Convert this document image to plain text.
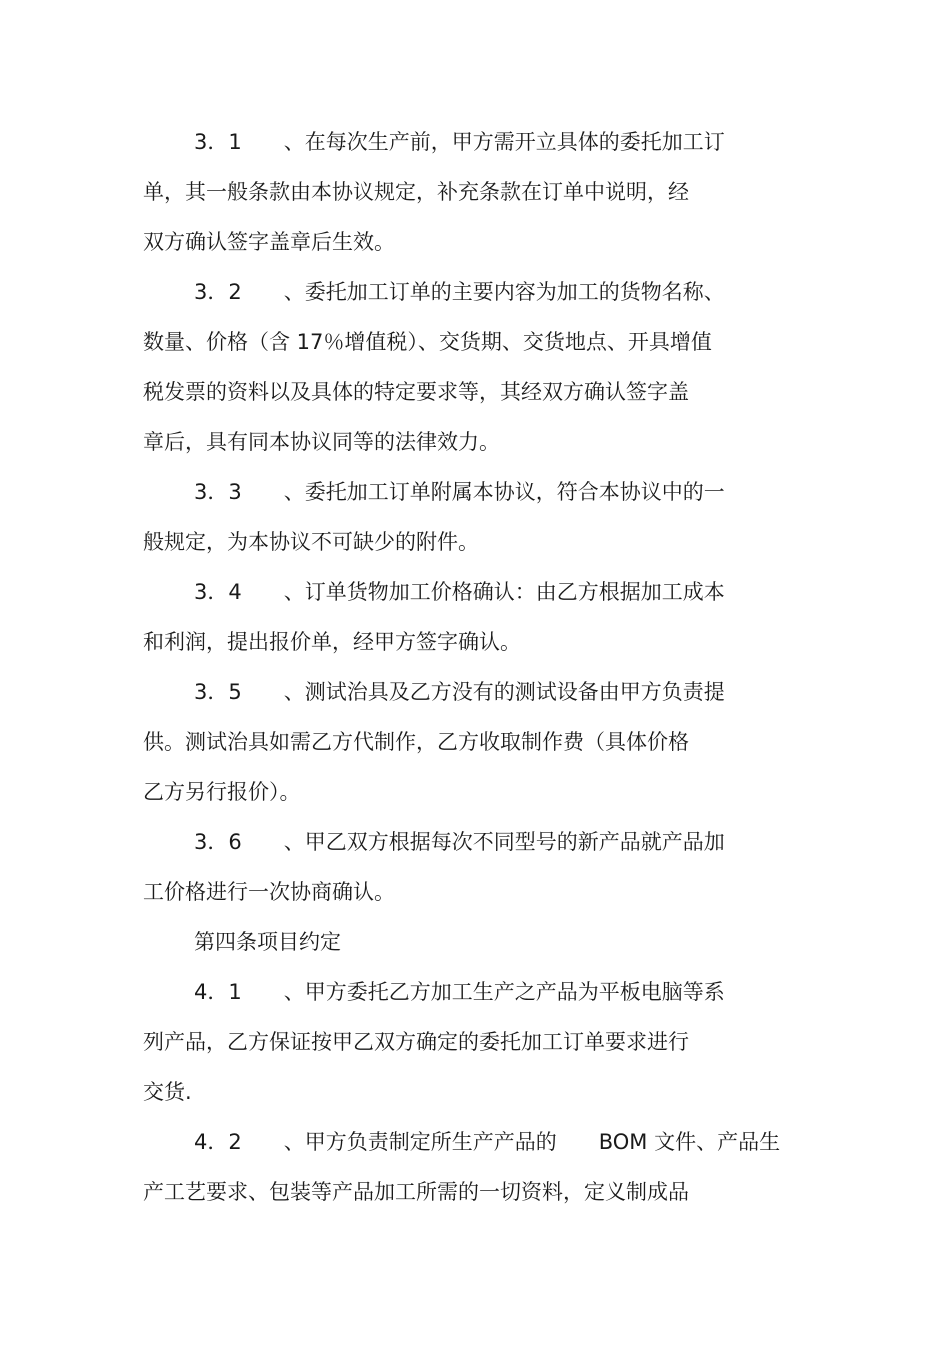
3．1　　、在每次生产前，甲方需开立具体的委托加工订
单，其一般条款由本协议规定，补充条款在订单中说明，经
双方确认签字盖章后生效。
3．2　　、委托加工订单的主要内容为加工的货物名称、
数量、价格（含 17％增值税）、交货期、交货地点、开具增值
税发票的资料以及具体的特定要求等，其经双方确认签字盖
章后，具有同本协议同等的法律效力。
3．3　　、委托加工订单附属本协议，符合本协议中的一
般规定，为本协议不可缺少的附件。
3．4　　、订单货物加工价格确认：由乙方根据加工成本
和利润，提出报价单，经甲方签字确认。
3．5　　、测试治具及乙方没有的测试设备由甲方负责提
供。测试治具如需乙方代制作，乙方收取制作费（具体价格
乙方另行报价）。
3．6　　、甲乙双方根据每次不同型号的新产品就产品加
工价格进行一次协商确认。
第四条项目约定
4．1　　、甲方委托乙方加工生产之产品为平板电脑等系
列产品，乙方保证按甲乙双方确定的委托加工订单要求进行
交货.
4．2　　、甲方负责制定所生产产品的　　BOM 文件、产品生
产工艺要求、包装等产品加工所需的一切资料，定义制成品
